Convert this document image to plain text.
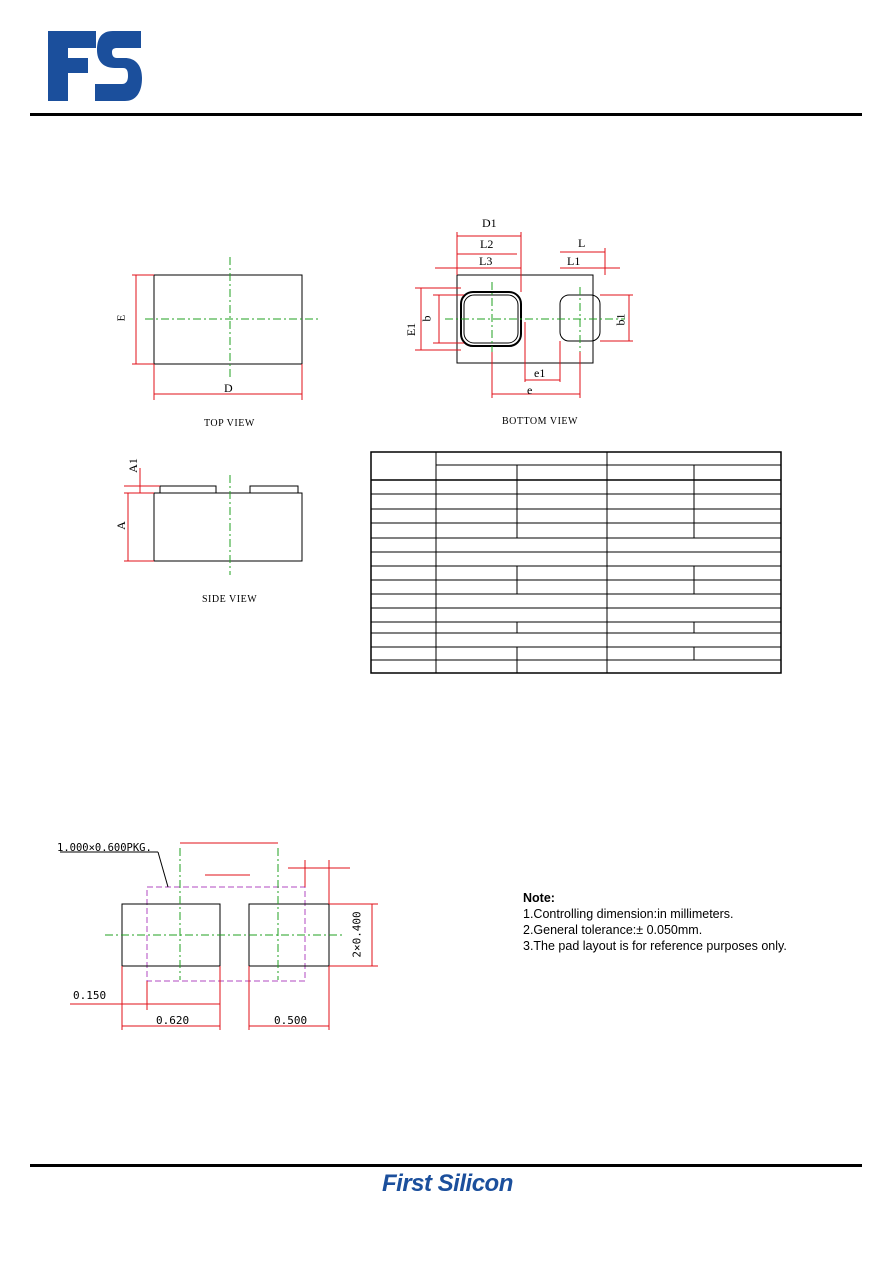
E
D
TOP VIEW
D1
L2
L3
L
L1
E1
b	b1
e1
e
BOTTOM VIEW
A1
A
SIDE VIEW
1.000×0.600PKG.
0.150
0.620	0.500
2×0.400
Note:
1.Controlling dimension:in millimeters.
2.General tolerance:± 0.050mm.
3.The pad layout is for reference purposes only.
First Silicon
